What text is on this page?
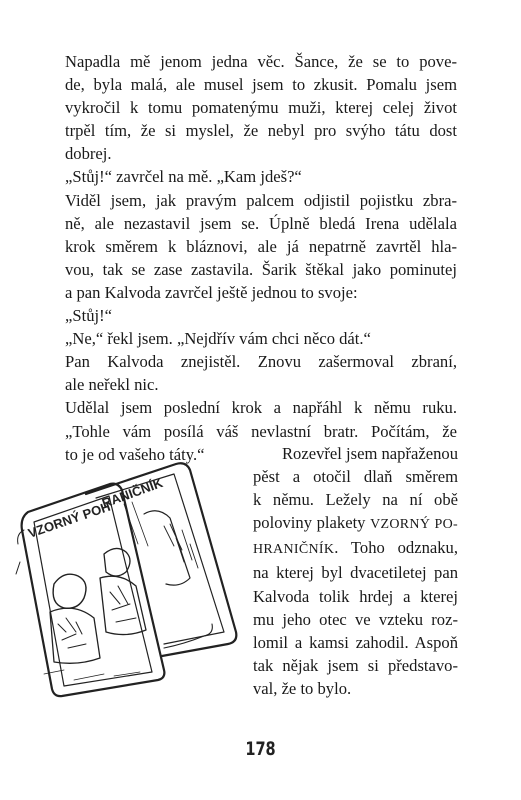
Napadla mě jenom jedna věc. Šance, že se to pove-

de, byla malá, ale musel jsem to zkusit. Pomalu jsem

vykročil k tomu pomatenýmu muži, kterej celej život

trpěl tím, že si myslel, že nebyl pro svýho tátu dost

dobrej.

„Stůj!“ zavrčel na mě. „Kam jdeš?“

Viděl jsem, jak pravým palcem odjistil pojistku zbra-

ně, ale nezastavil jsem se. Úplně bledá Irena udělala

krok směrem k bláznovi, ale já nepatrně zavrtěl hla-

vou, tak se zase zastavila. Šarik štěkal jako pominutej

a pan Kalvoda zavrčel ještě jednou to svoje:

„Stůj!“

„Ne,“ řekl jsem. „Nejdřív vám chci něco dát.“

Pan Kalvoda znejistěl. Znovu zašermoval zbraní,

ale neřekl nic.

Udělal jsem poslední krok a napřáhl k němu ruku.

„Tohle vám posílá váš nevlastní bratr. Počítám, že

to je od vašeho táty.“	Rozevřel jsem napřaženou
pěst a otočil dlaň směrem
k němu. Ležely na ní obě
poloviny plakety VZORNÝ PO-
HRANIČNÍK. Toho odznaku,
na kterej byl dvacetiletej pan
Kalvoda tolik hrdej a kterej
mu jeho otec ve vzteku roz-
lomil a kamsi zahodil. Aspoň
tak nějak jsem si představo-
val, že to bylo.
VZORNÝ POH
RANIČNÍK
178
